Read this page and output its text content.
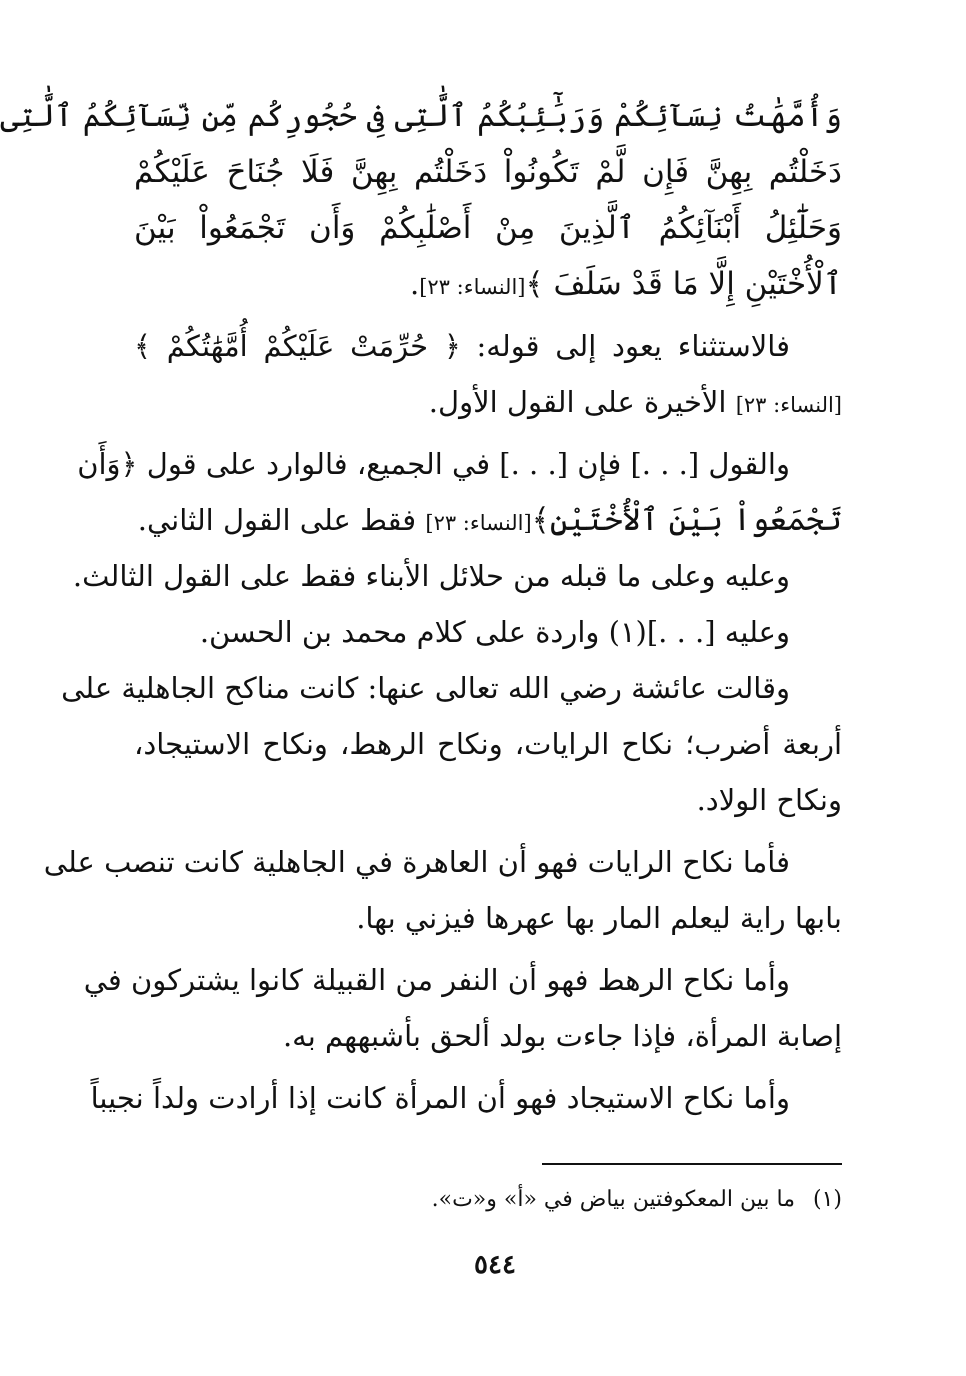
وَأُمَّهَٰتُ نِسَآئِكُمْ وَرَبَٰٓئِبُكُمُ ٱلَّٰتِى فِى حُجُورِكُم مِّن نِّسَآئِكُمُ ٱلَّٰتِى
دَخَلْتُم بِهِنَّ فَإِن لَّمْ تَكُونُواْ دَخَلْتُم بِهِنَّ فَلَا جُنَاحَ عَلَيْكُمْ
وَحَلَٰٓئِلُ أَبْنَآئِكُمُ ٱلَّذِينَ مِنْ أَصْلَٰبِكُمْ وَأَن تَجْمَعُواْ بَيْنَ
ٱلْأُخْتَيْنِ إِلَّا مَا قَدْ سَلَفَ ﴾[النساء: ٢٣].
فالاستثناء يعود إلى قوله: ﴿ حُرِّمَتْ عَلَيْكُمْ أُمَّهَٰتُكُمْ ﴾
[النساء: ٢٣] الأخيرة على القول الأول.
والقول [. . .] فإن [. . .] في الجميع، فالوارد على قول ﴿وَأَن
تَجْمَعُواْ بَيْنَ ٱلْأُخْتَيْنِ﴾[النساء: ٢٣] فقط على القول الثاني.
وعليه وعلى ما قبله من حلائل الأبناء فقط على القول الثالث.
وعليه [. . .](١) واردة على كلام محمد بن الحسن.
وقالت عائشة رضي الله تعالى عنها: كانت مناكح الجاهلية على
أربعة أضرب؛ نكاح الرايات، ونكاح الرهط، ونكاح الاستيجاد،
ونكاح الولاد.
فأما نكاح الرايات فهو أن العاهرة في الجاهلية كانت تنصب على
بابها راية ليعلم المار بها عهرها فيزني بها.
وأما نكاح الرهط فهو أن النفر من القبيلة كانوا يشتركون في
إصابة المرأة، فإذا جاءت بولد ألحق بأشبههم به.
وأما نكاح الاستيجاد فهو أن المرأة كانت إذا أرادت ولداً نجيباً
(١)ما بين المعكوفتين بياض في «أ» و«ت».
٥٤٤
